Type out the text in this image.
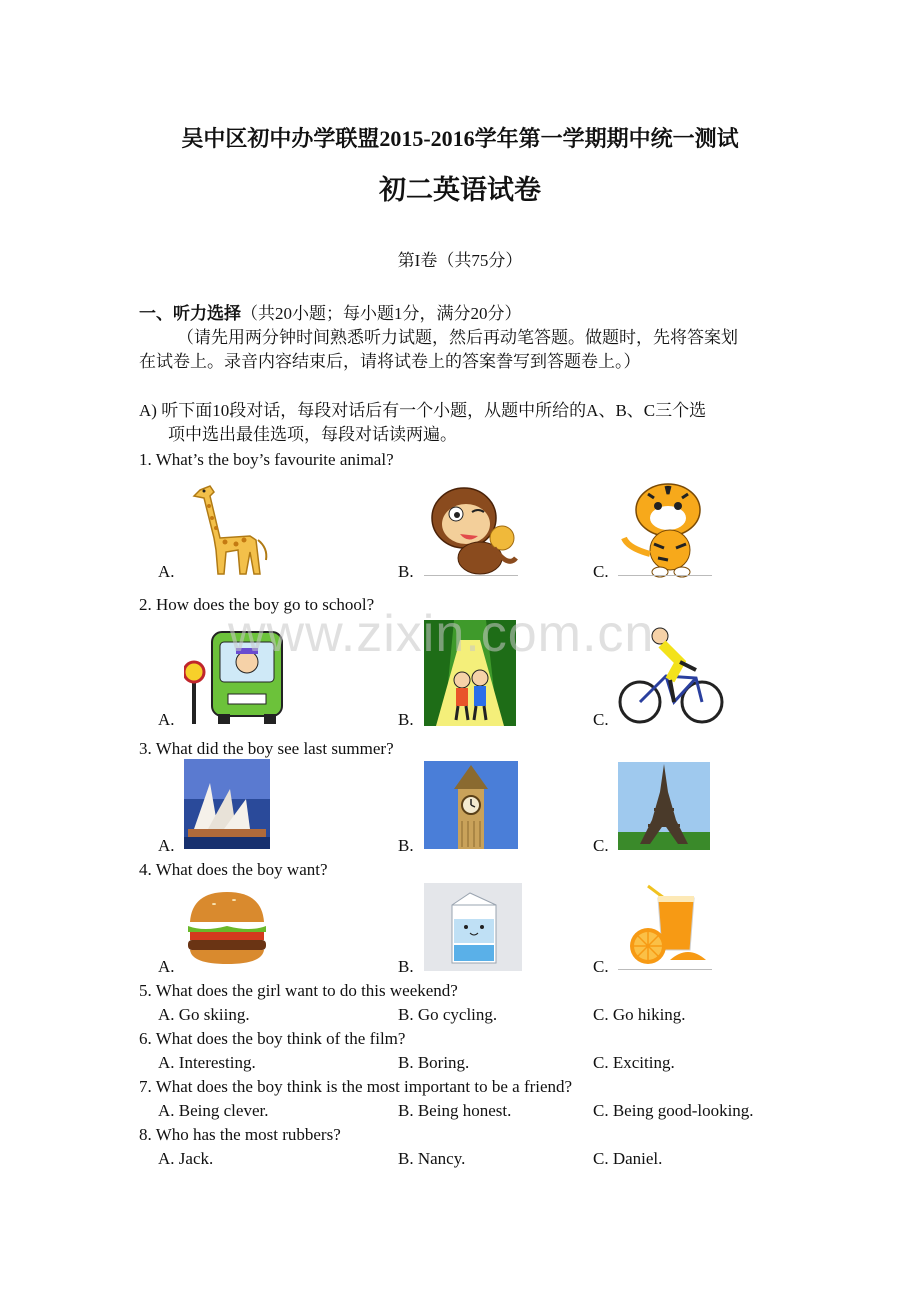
吴中区初中办学联盟2015-2016学年第一学期期中统一测试
初二英语试卷
第I卷（共75分）
一、听力选择（共20小题；每小题1分，满分20分）
（请先用两分钟时间熟悉听力试题，然后再动笔答题。做题时，先将答案划
在试卷上。录音内容结束后，请将试卷上的答案誊写到答题卷上。）
A) 听下面10段对话，每段对话后有一个小题，从题中所给的A、B、C三个选
项中选出最佳选项，每段对话读两遍。
1. What’s the boy’s favourite animal?
A.	B.	C.
2. How does the boy go to school?
A.	B.	C.
www.zixin.com.cn
3. What did the boy see last summer?
A.	B.	C.
4. What does the boy want?
A.	B.	C.
5. What does the girl want to do this weekend?
A. Go skiing.	B. Go cycling.	C. Go hiking.
6. What does the boy think of the film?
A. Interesting.	B. Boring.	C. Exciting.
7. What does the boy think is the most important to be a friend?
A. Being clever.	B. Being honest.	C. Being good-looking.
8. Who has the most rubbers?
A. Jack.	B. Nancy.	C. Daniel.
